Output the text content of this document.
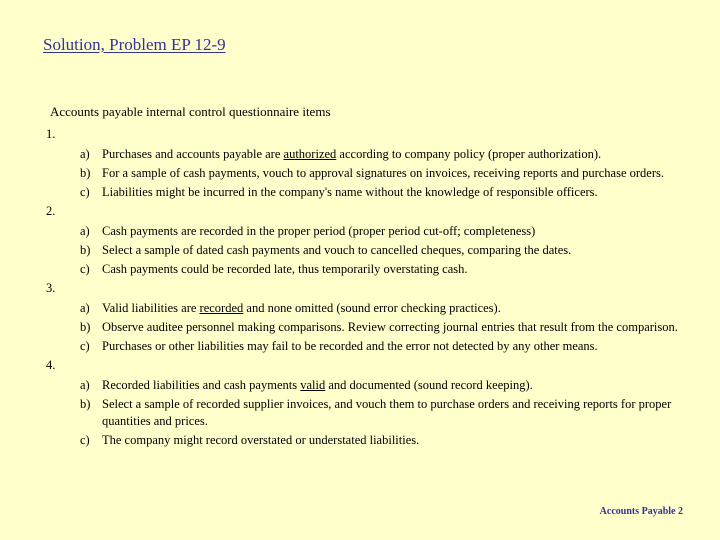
Solution, Problem EP 12-9
Accounts payable internal control questionnaire items
1.
a) Purchases and accounts payable are authorized according to company policy (proper authorization).
b) For a sample of cash payments, vouch to approval signatures on invoices, receiving reports and purchase orders.
c) Liabilities might be incurred in the company's name without the knowledge of responsible officers.
2.
a) Cash payments are recorded in the proper period (proper period cut-off; completeness)
b) Select a sample of dated cash payments and vouch to cancelled cheques, comparing the dates.
c) Cash payments could be recorded late, thus temporarily overstating cash.
3.
a) Valid liabilities are recorded and none omitted (sound error checking practices).
b) Observe auditee personnel making comparisons. Review correcting journal entries that result from the comparison.
c) Purchases or other liabilities may fail to be recorded and the error not detected by any other means.
4.
a) Recorded liabilities and cash payments valid and documented (sound record keeping).
b) Select a sample of recorded supplier invoices, and vouch them to purchase orders and receiving reports for proper quantities and prices.
c) The company might record overstated or understated liabilities.
Accounts Payable 2
